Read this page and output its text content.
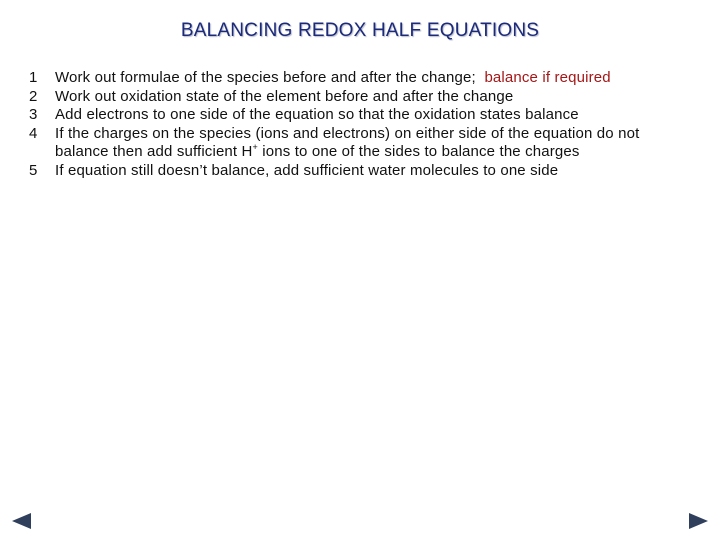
BALANCING REDOX HALF EQUATIONS
1	Work out formulae of the species before and after the change; balance if required
2	Work out oxidation state of the element before and after the change
3	Add electrons to one side of the equation so that the oxidation states balance
4	If the charges on the species (ions and electrons) on either side of the equation do not balance then add sufficient H+ ions to one of the sides to balance the charges
5	If equation still doesn’t balance, add sufficient water molecules to one side
